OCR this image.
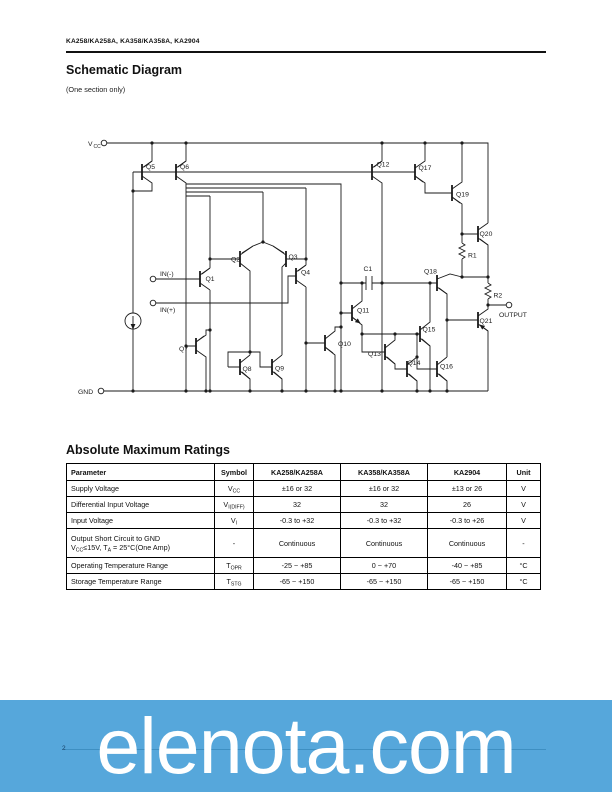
KA258/KA258A, KA358/KA358A, KA2904
Schematic Diagram
(One section only)
Absolute Maximum Ratings
V CC
GND
IN(-)
IN(+)
OUTPUT
Q1
Q2	Q3
Q4
Q5	Q6
Q7
Q8	Q9
Q10
Q11
Q12
Q13
Q14
Q15
Q16
Q17
Q18
Q19
Q20
Q21
R1
R2
C1
Parameter	Symbol	KA258/KA258A	KA358/KA358A	KA2904	Unit
Supply Voltage	$V_{CC}$	±16 or 32	±16 or 32	±13 or 26	V
Differential Input Voltage	$V_{I(DIFF)}$	32	32	26	V
Input Voltage	$V_I$	-0.3 to +32	-0.3 to +32	-0.3 to +26	V
Output Short Circuit to GND
$V_{CC}\le 15V$, $T_A = 25^\circ C(One$ Amp)	-	Continuous	Continuous	Continuous	-
Operating Temperature Range	$T_{OPR}$	-25 ~ +85	0 ~ +70	-40 ~ +85	°C
Storage Temperature Range	$T_{STG}$	-65 ~ +150	-65 ~ +150	-65 ~ +150	°C
2 elenota.com
